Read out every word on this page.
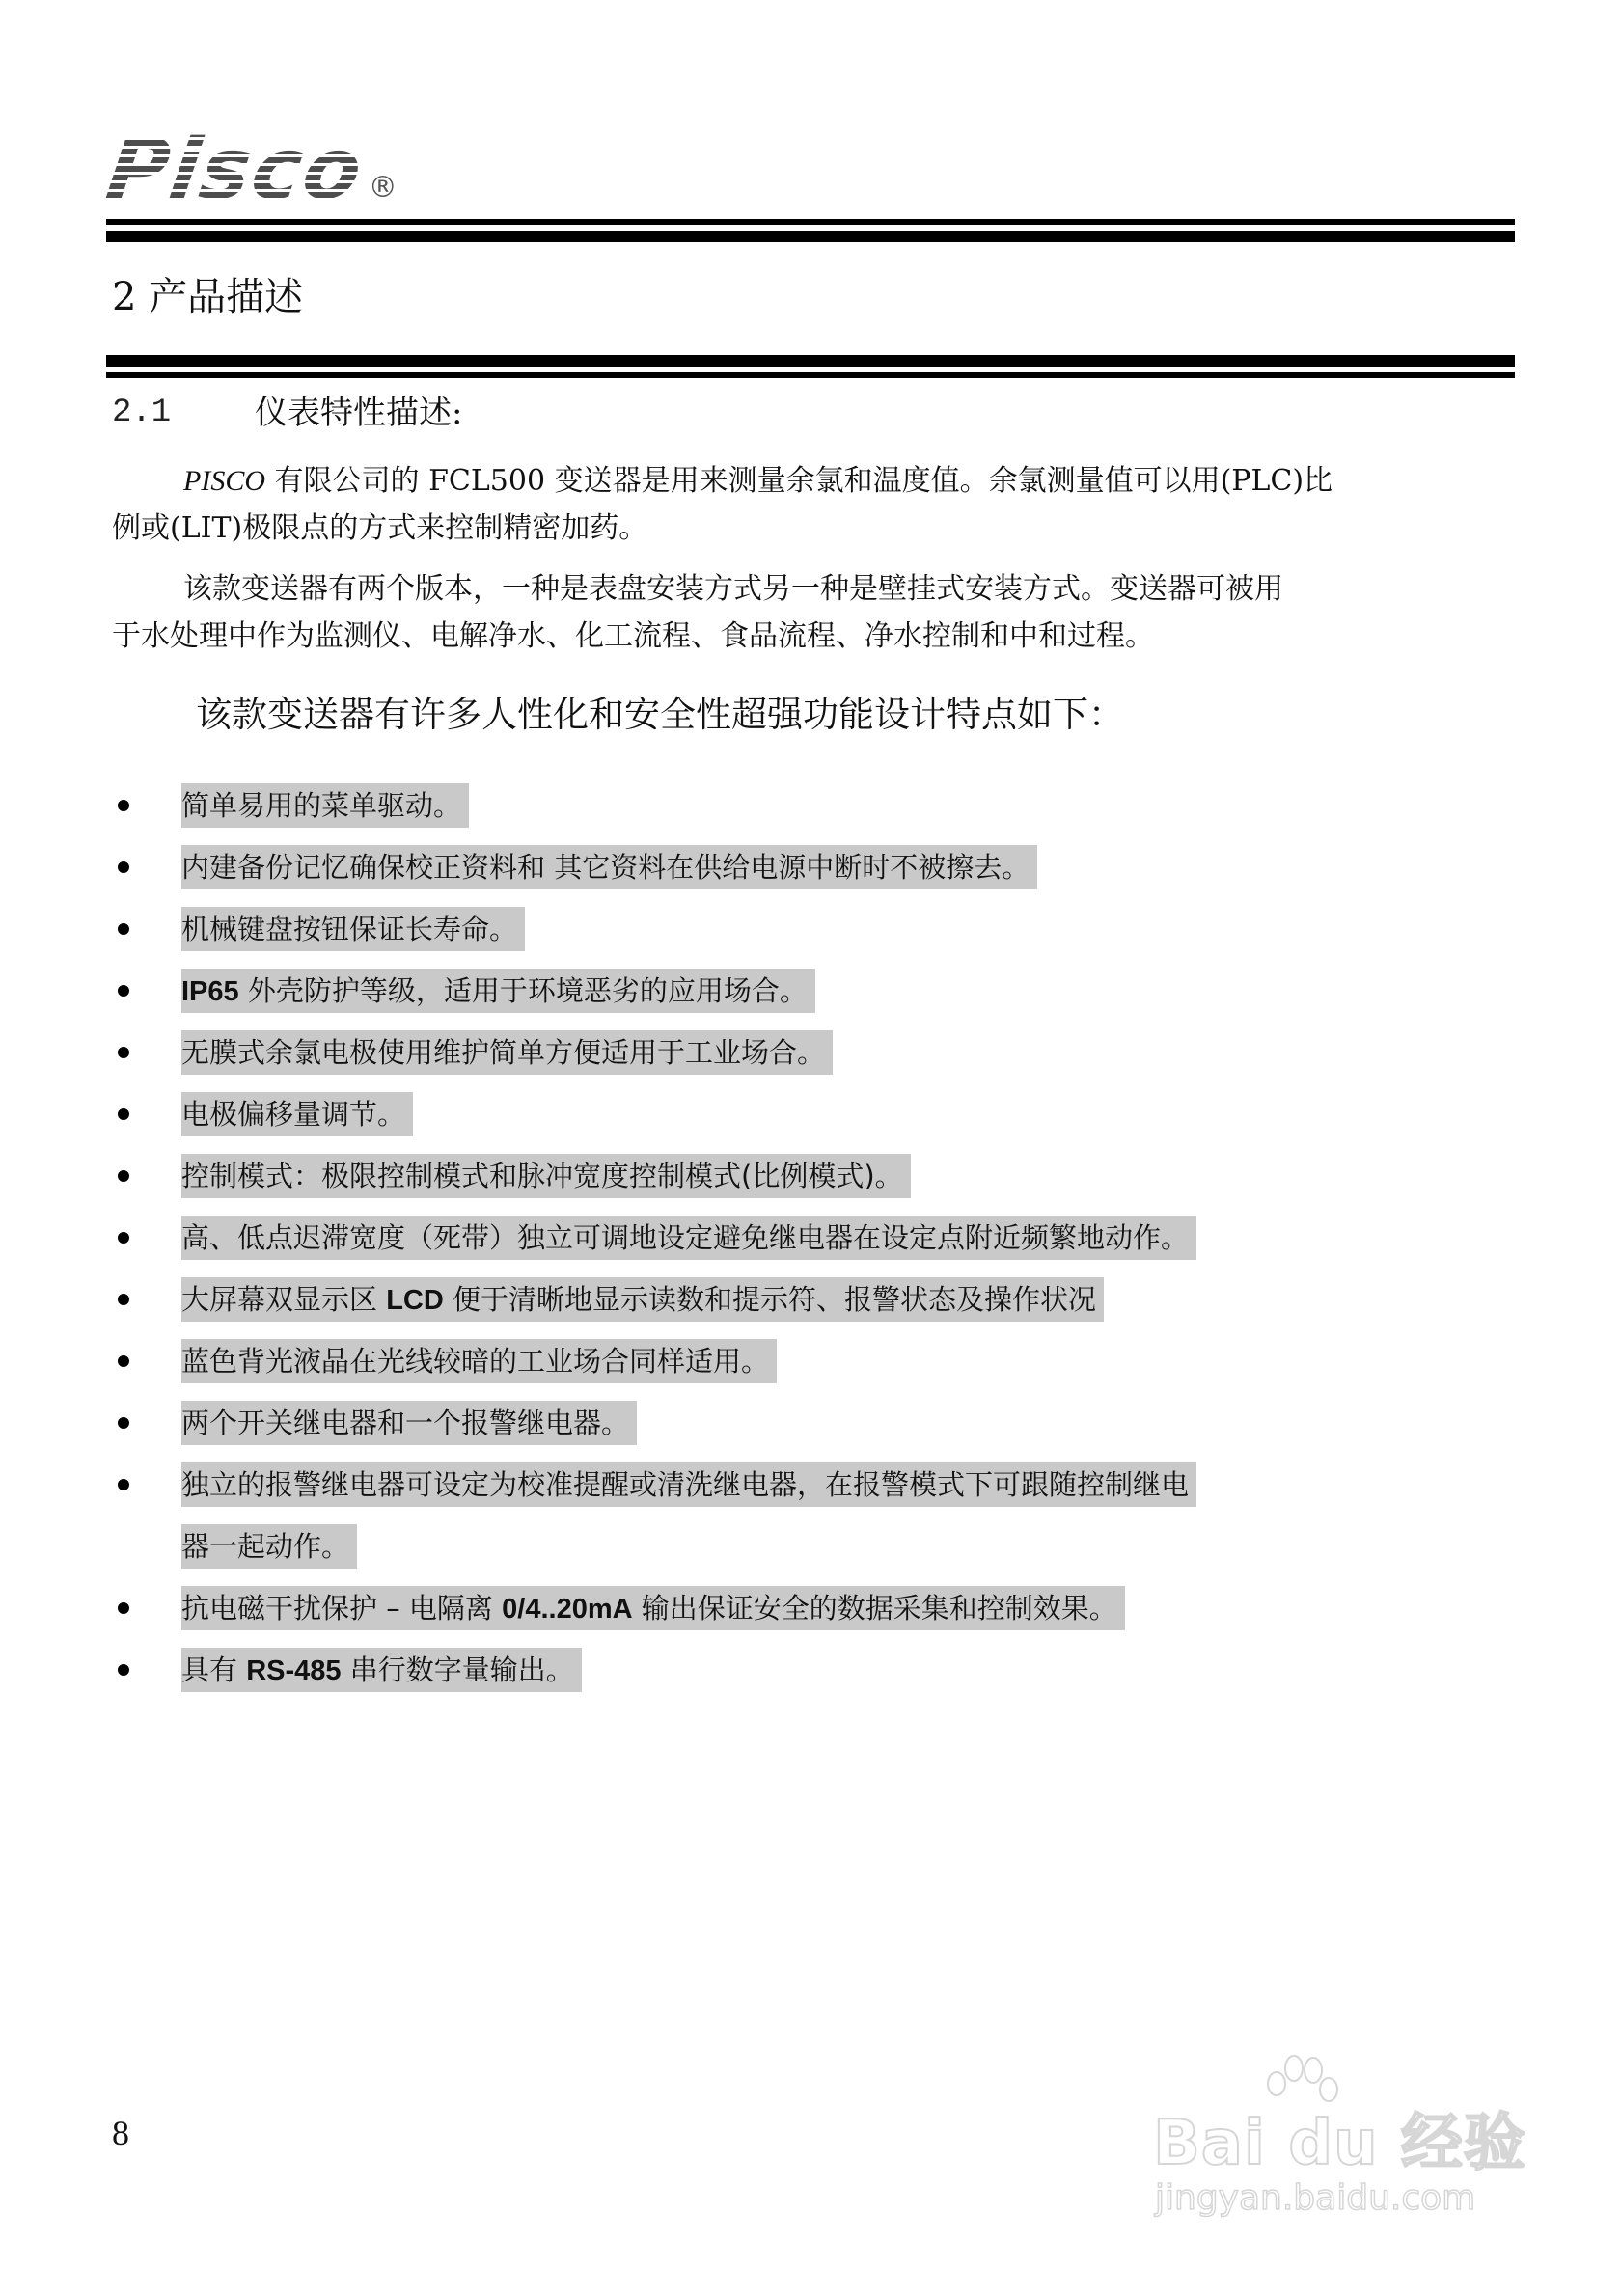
Pisco
®
2 产品描述
2.1	仪表特性描述:
PISCO 有限公司的 FCL500 变送器是用来测量余氯和温度值。余氯测量值可以用(PLC)比
例或(LIT)极限点的方式来控制精密加药。
该款变送器有两个版本，一种是表盘安装方式另一种是壁挂式安装方式。变送器可被用
于水处理中作为监测仪、电解净水、化工流程、食品流程、净水控制和中和过程。
该款变送器有许多人性化和安全性超强功能设计特点如下：
简单易用的菜单驱动。
内建备份记忆确保校正资料和 其它资料在供给电源中断时不被擦去。
机械键盘按钮保证长寿命。
IP65 外壳防护等级，适用于环境恶劣的应用场合。
无膜式余氯电极使用维护简单方便适用于工业场合。
电极偏移量调节。
控制模式：极限控制模式和脉冲宽度控制模式(比例模式)。
高、低点迟滞宽度（死带）独立可调地设定避免继电器在设定点附近频繁地动作。
大屏幕双显示区 LCD 便于清晰地显示读数和提示符、报警状态及操作状况
蓝色背光液晶在光线较暗的工业场合同样适用。
两个开关继电器和一个报警继电器。
独立的报警继电器可设定为校准提醒或清洗继电器，在报警模式下可跟随控制继电
器一起动作。
抗电磁干扰保护 – 电隔离 0/4..20mA 输出保证安全的数据采集和控制效果。
具有 RS-485 串行数字量输出。
8	Bai du 经验
jingyan.baidu.com
